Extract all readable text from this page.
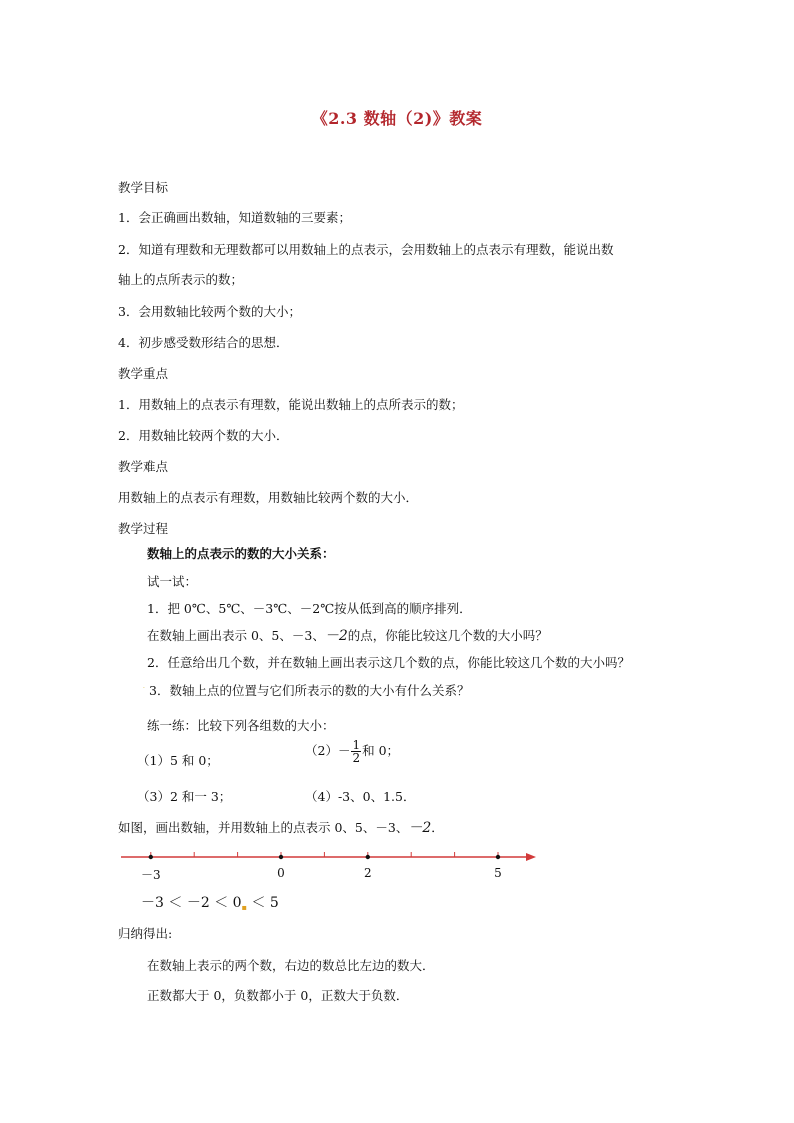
《2.3 数轴（2)》教案
教学目标
1．会正确画出数轴，知道数轴的三要素；
2．知道有理数和无理数都可以用数轴上的点表示，会用数轴上的点表示有理数，能说出数
轴上的点所表示的数；
3．会用数轴比较两个数的大小；
4．初步感受数形结合的思想．
教学重点
1．用数轴上的点表示有理数，能说出数轴上的点所表示的数；
2．用数轴比较两个数的大小．
教学难点
用数轴上的点表示有理数，用数轴比较两个数的大小．
教学过程
数轴上的点表示的数的大小关系：
试一试：
1．把 0℃、5℃、－3℃、－2℃按从低到高的顺序排列．
在数轴上画出表示 0、5、－3、－2的点，你能比较这几个数的大小吗？
2．任意给出几个数，并在数轴上画出表示这几个数的点，你能比较这几个数的大小吗？
．3．数轴上点的位置与它们所表示的数的大小有什么关系？
练一练：比较下列各组数的大小：
（1）5 和 0；
$(2)- \frac{1}{2}$ 和 0；
（3）2 和一 3；	（4）-3、0、1.5．
如图，画出数轴，并用数轴上的点表示 0、5、－3、－2．
－3	0	2	5
－3 ＜ －2 ＜ 0▪ ＜ 5
归纳得出:
在数轴上表示的两个数，右边的数总比左边的数大．
正数都大于 0，负数都小于 0，正数大于负数．
